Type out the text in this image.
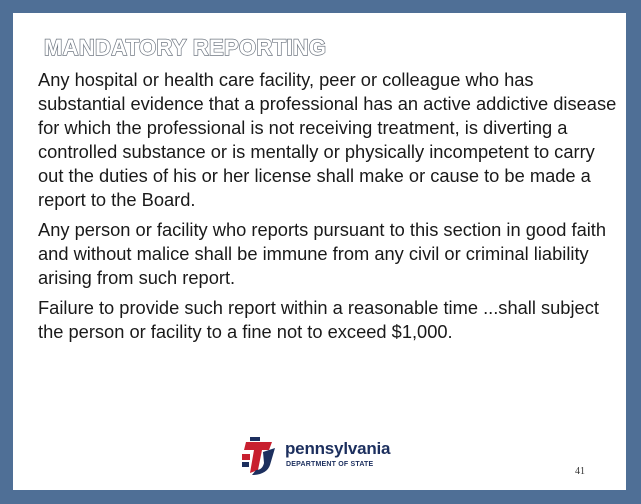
MANDATORY REPORTING

Any hospital or health care facility, peer or colleague who has substantial evidence that a professional has an active addictive disease for which the professional is not receiving treatment, is diverting a controlled substance or is mentally or physically incompetent to carry out the duties of his or her license shall make or cause to be made a report to the Board.

Any person or facility who reports pursuant to this section in good faith and without malice shall be immune from any civil or criminal liability arising from such report.

Failure to provide such report within a reasonable time ...shall subject the person or facility to a fine not to exceed $1,000.

pennsylvania
DEPARTMENT OF STATE
41
